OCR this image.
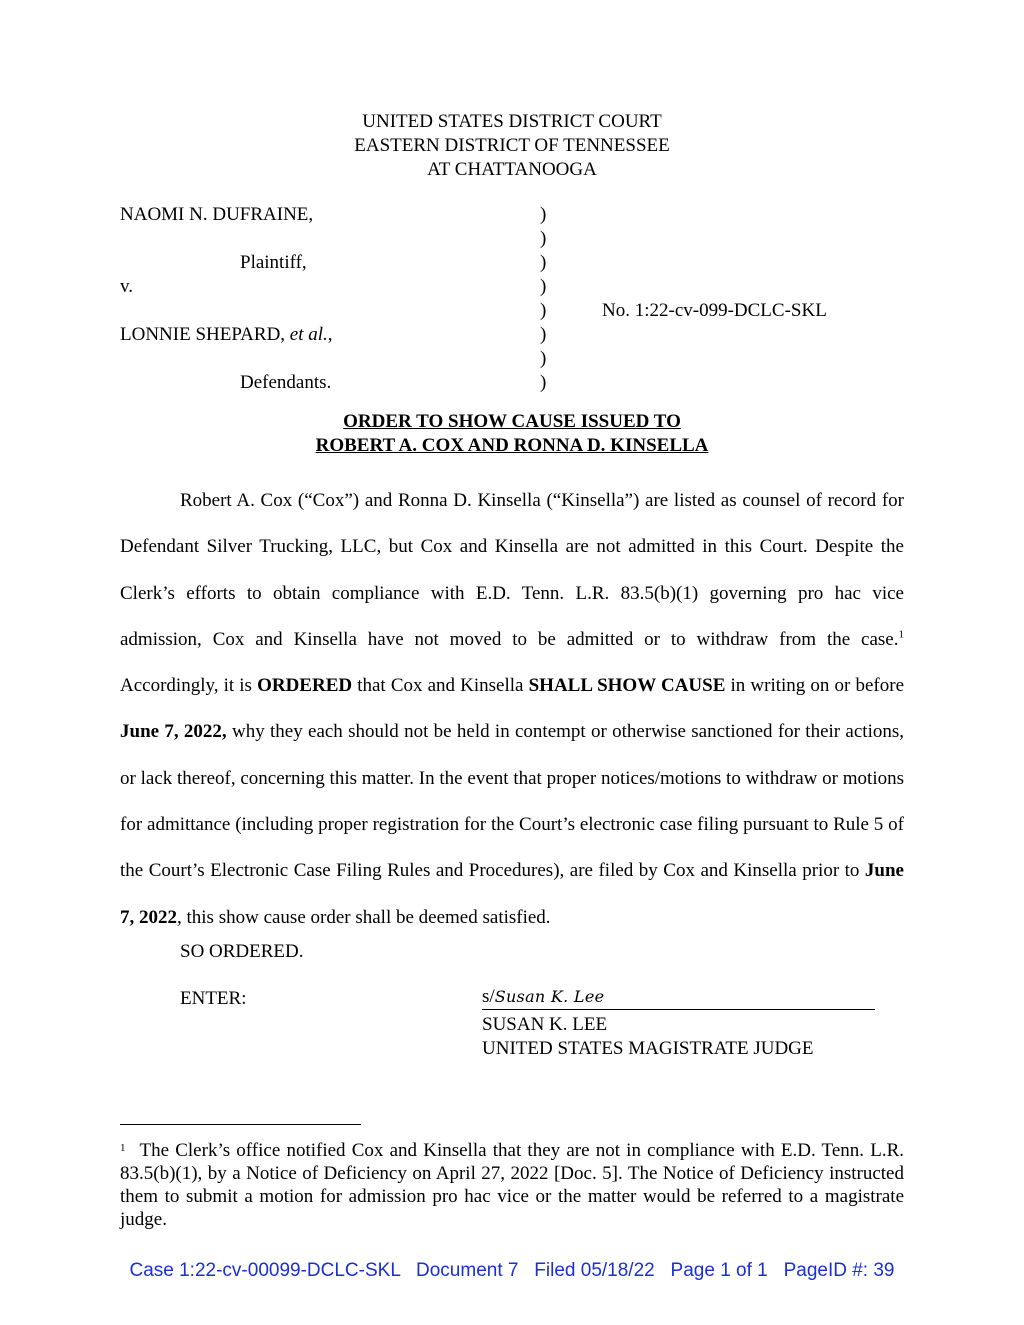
UNITED STATES DISTRICT COURT
EASTERN DISTRICT OF TENNESSEE
AT CHATTANOOGA
NAOMI N. DUFRAINE,
Plaintiff,
v.
LONNIE SHEPARD, et al.,
Defendants.
)
)
)
)
)
)
)
)
No. 1:22-cv-099-DCLC-SKL
ORDER TO SHOW CAUSE ISSUED TO
ROBERT A. COX AND RONNA D. KINSELLA

Robert A. Cox (“Cox”) and Ronna D. Kinsella (“Kinsella”) are listed as counsel of record for Defendant Silver Trucking, LLC, but Cox and Kinsella are not admitted in this Court. Despite the Clerk’s efforts to obtain compliance with E.D. Tenn. L.R. 83.5(b)(1) governing pro hac vice admission, Cox and Kinsella have not moved to be admitted or to withdraw from the case.$^1$ Accordingly, it is ORDERED that Cox and Kinsella SHALL SHOW CAUSE in writing on or before June 7, 2022, why they each should not be held in contempt or otherwise sanctioned for their actions, or lack thereof, concerning this matter. In the event that proper notices/motions to withdraw or motions for admittance (including proper registration for the Court’s electronic case filing pursuant to Rule 5 of the Court’s Electronic Case Filing Rules and Procedures), are filed by Cox and Kinsella prior to June 7, 2022, this show cause order shall be deemed satisfied.

SO ORDERED.
ENTER:	s/Susan K. Lee
SUSAN K. LEE
UNITED STATES MAGISTRATE JUDGE
$^1$ The Clerk’s office notified Cox and Kinsella that they are not in compliance with E.D. Tenn. L.R. 83.5(b)(1), by a Notice of Deficiency on April 27, 2022 [Doc. 5]. The Notice of Deficiency instructed them to submit a motion for admission pro hac vice or the matter would be referred to a magistrate judge.
Case 1:22-cv-00099-DCLC-SKL   Document 7   Filed 05/18/22   Page 1 of 1   PageID #: 39
